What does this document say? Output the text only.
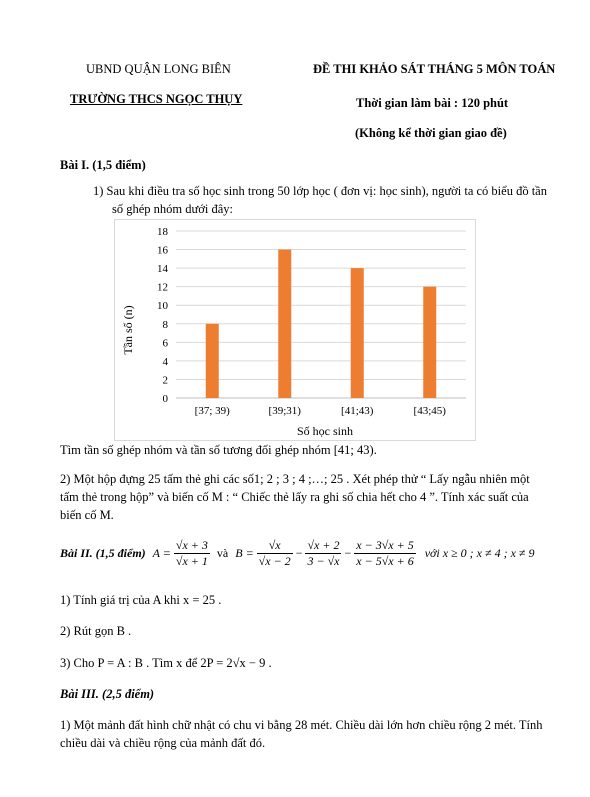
UBND QUẬN LONG BIÊN
TRƯỜNG THCS NGỌC THỤY
ĐỀ THI KHẢO SÁT THÁNG 5 MÔN TOÁN
Thời gian làm bài : 120 phút
(Không kể thời gian giao đề)
Bài I. (1,5 điểm)
1) Sau khi điều tra số học sinh trong 50 lớp học ( đơn vị: học sinh), người ta có biểu đồ tần
số ghép nhóm dưới đây:
0
2
4
6
8
10
12
14
16
18
[37; 39)	[39;31)	[41;43)	[43;45)
Tần số (n)
Số học sinh
Tìm tần số ghép nhóm và tần số tương đối ghép nhóm [41; 43).
2) Một hộp đựng 25 tấm thẻ ghi các số1; 2 ; 3 ; 4 ;…; 25 . Xét phép thử “ Lấy ngẫu nhiên một
tấm thẻ trong hộp” và biến cố M : “ Chiếc thẻ lấy ra ghi số chia hết cho 4 ”. Tính xác suất của
biến cố M.
Bài II. (1,5 điểm) $A = \frac{√x + 3}{√x + 1}$ và $B = \frac{√x}{√x - 2} - \frac{√x + 2}{3 - √x} - \frac{x - 3√x + 5}{x - 5√x + 6}$ với x ≥ 0 ; x ≠ 4 ; x ≠ 9
1) Tính giá trị của A khi x = 25 .
2) Rút gọn B .
3) Cho P = A : B . Tìm x để 2P = 2√x − 9 .
Bài III. (2,5 điểm)
1) Một mảnh đất hình chữ nhật có chu vi bằng 28 mét. Chiều dài lớn hơn chiều rộng 2 mét. Tính
chiều dài và chiều rộng của mảnh đất đó.
